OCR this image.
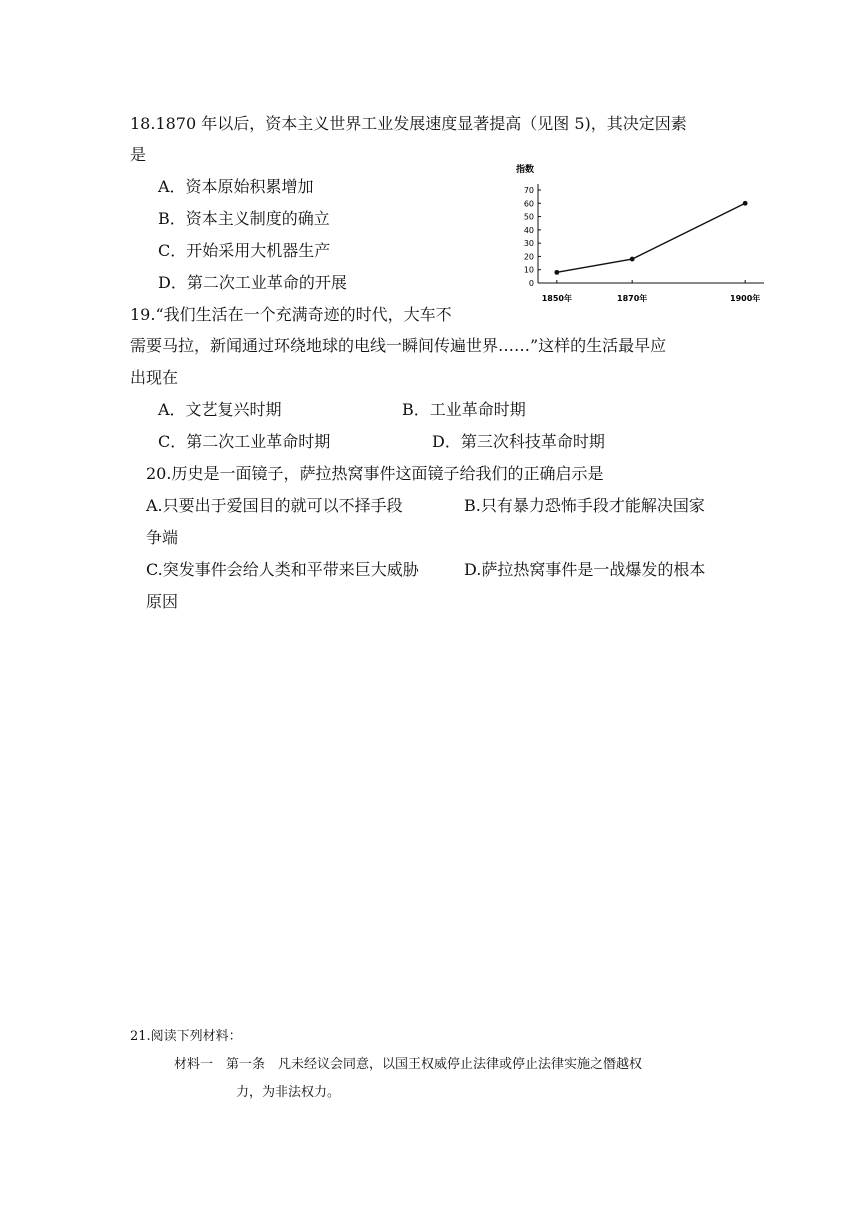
18.1870 年以后，资本主义世界工业发展速度显著提高（见图 5)，其决定因素
是
A．资本原始积累增加
B．资本主义制度的确立
C．开始采用大机器生产
D．第二次工业革命的开展
指数
0
10
20
30
40
50
60
70
1850年	1870年	1900年
19.“我们生活在一个充满奇迹的时代，大车不
需要马拉，新闻通过环绕地球的电线一瞬间传遍世界……”这样的生活最早应
出现在
A．文艺复兴时期	B．工业革命时期
C．第二次工业革命时期	D．第三次科技革命时期
20.历史是一面镜子，萨拉热窝事件这面镜子给我们的正确启示是
A.只要出于爱国目的就可以不择手段	B.只有暴力恐怖手段才能解决国家
争端
C.突发事件会给人类和平带来巨大威胁	D.萨拉热窝事件是一战爆发的根本
原因
21.阅读下列材料：
材料一　第一条　凡未经议会同意，以国王权威停止法律或停止法律实施之僭越权
力，为非法权力。
